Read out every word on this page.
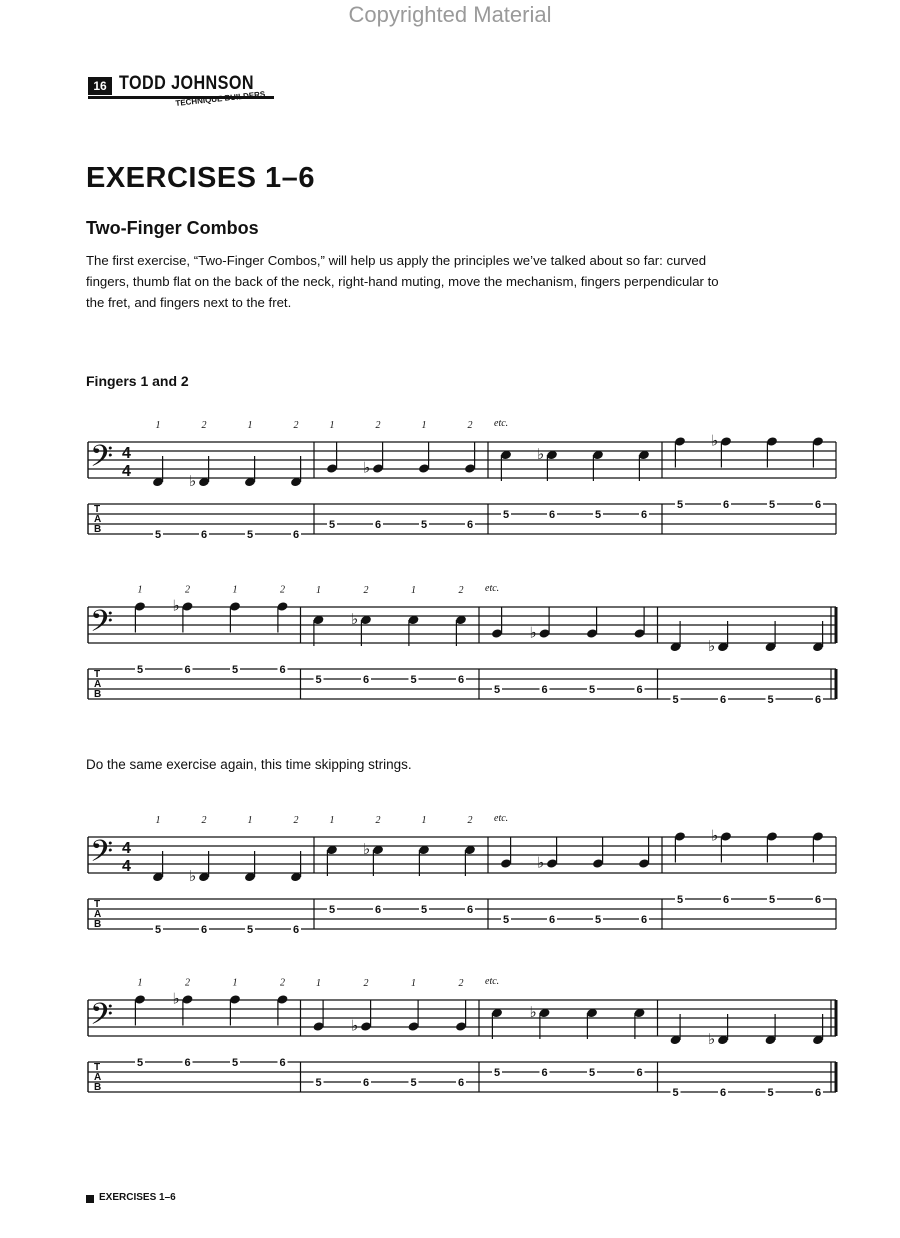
Copyrighted Material
16 TODD JOHNSON
TECHNIQUE BUILDERS
EXERCISES 1–6
Two-Finger Combos
The first exercise, “Two-Finger Combos,” will help us apply the principles we’ve talked about so far: curved fingers, thumb flat on the back of the neck, right-hand muting, move the mechanism, fingers perpendicular to the fret, and fingers next to the fret.
Fingers 1 and 2
𝄢
T
A
B
4
4
1
5
♭
2
6
1
5
2
6
1
5
♭
2
6
1
5
2
6
etc.
5
♭
6	5	6
5
♭
6	5	6
𝄢
T
A
B
1
5
♭
2
6
1
5
2
6
1
5
♭
2
6
1
5
2
6
etc.
5
♭
6	5	6
5
♭
6	5	6
Do the same exercise again, this time skipping strings.
𝄢
T
A
B
4
4
1
5
♭
2
6
1
5
2
6
1
5
♭
2
6
1
5
2
6
etc.
5
♭
6	5	6
5
♭
6	5	6
𝄢
T
A
B
1
5
♭
2
6
1
5
2
6
1
5
♭
2
6
1
5
2
6
etc.
5
♭
6	5	6
5
♭
6	5	6
EXERCISES 1–6
